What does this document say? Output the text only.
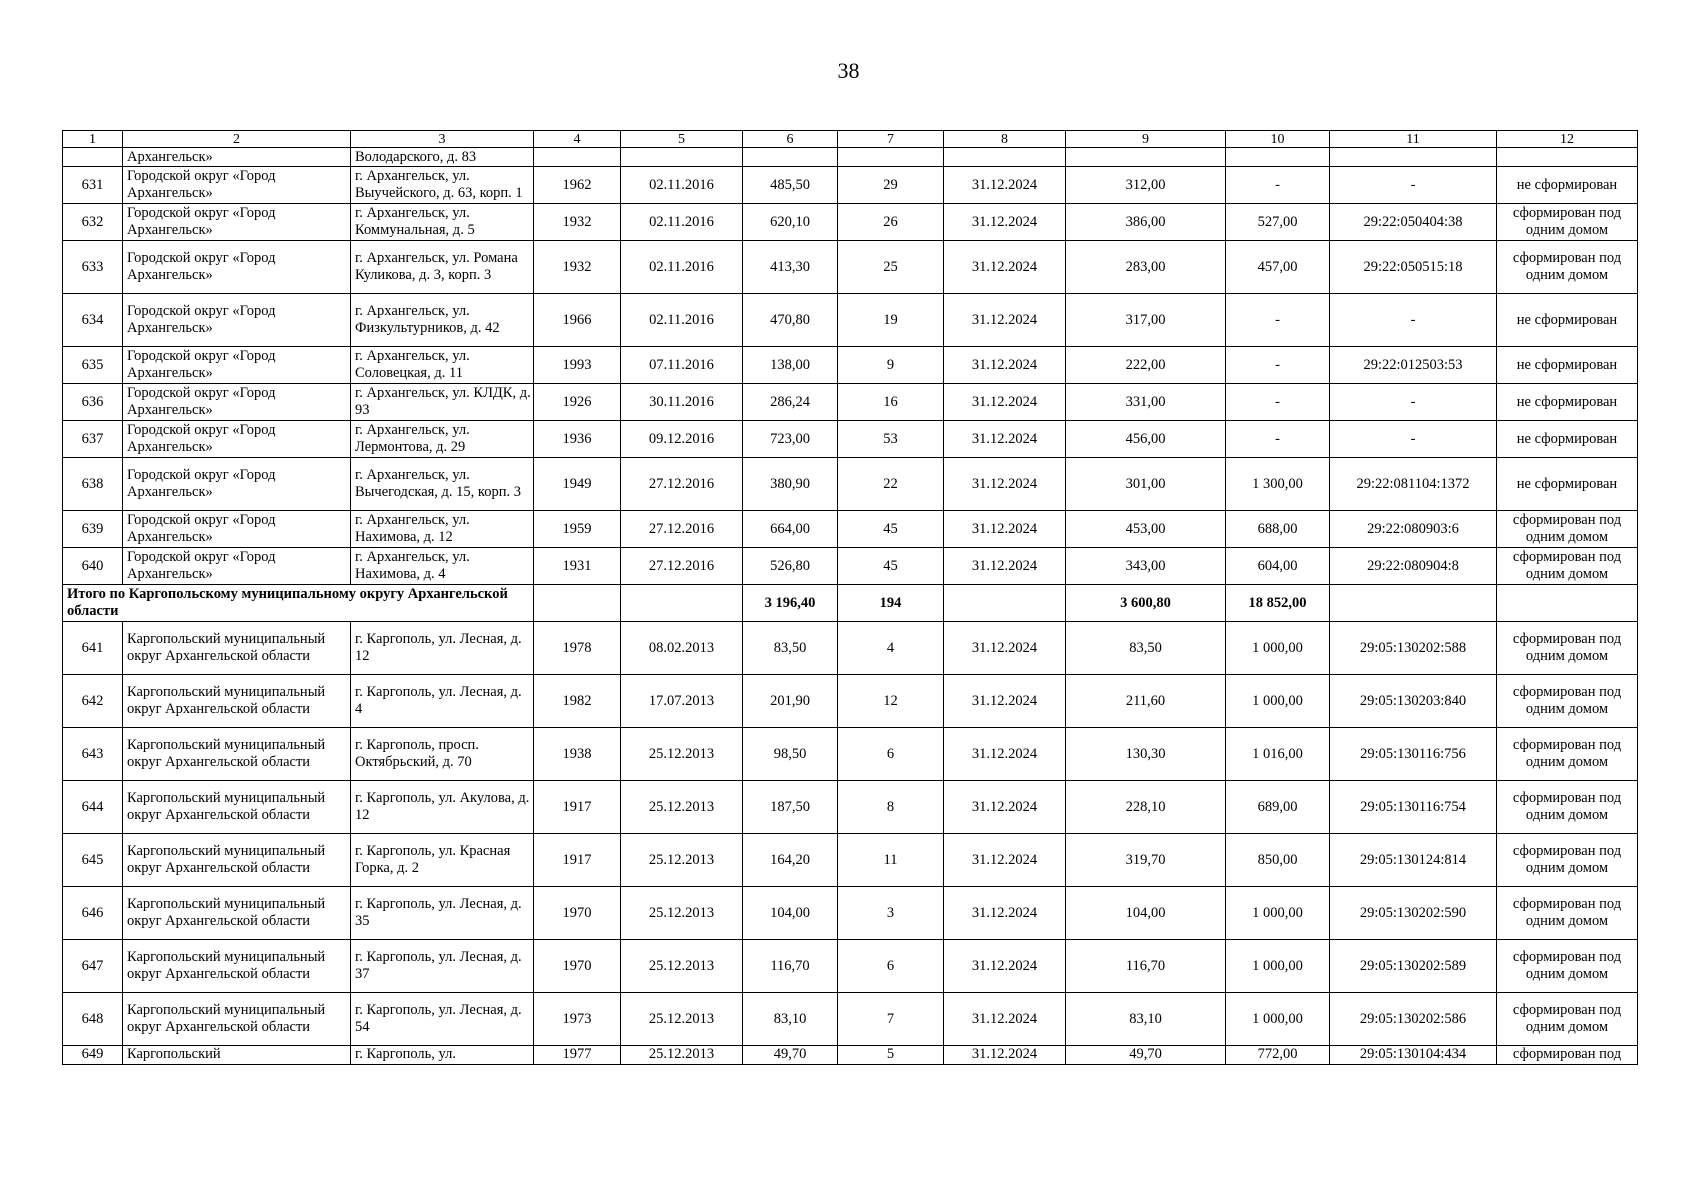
38
1	2	3	4	5	6	7	8	9	10	11	12
	Архангельск»	Володарского, д. 83									
631	Городской округ «Город Архангельск»	г. Архангельск, ул. Выучейского, д. 63, корп. 1	1962	02.11.2016	485,50	29	31.12.2024	312,00	-	-	не сформирован
632	Городской округ «Город Архангельск»	г. Архангельск, ул. Коммунальная, д. 5	1932	02.11.2016	620,10	26	31.12.2024	386,00	527,00	29:22:050404:38	сформирован под одним домом
633	Городской округ «Город Архангельск»	г. Архангельск, ул. Романа Куликова, д. 3, корп. 3	1932	02.11.2016	413,30	25	31.12.2024	283,00	457,00	29:22:050515:18	сформирован под одним домом
634	Городской округ «Город Архангельск»	г. Архангельск, ул. Физкультурников, д. 42	1966	02.11.2016	470,80	19	31.12.2024	317,00	-	-	не сформирован
635	Городской округ «Город Архангельск»	г. Архангельск, ул. Соловецкая, д. 11	1993	07.11.2016	138,00	9	31.12.2024	222,00	-	29:22:012503:53	не сформирован
636	Городской округ «Город Архангельск»	г. Архангельск, ул. КЛДК, д. 93	1926	30.11.2016	286,24	16	31.12.2024	331,00	-	-	не сформирован
637	Городской округ «Город Архангельск»	г. Архангельск, ул. Лермонтова, д. 29	1936	09.12.2016	723,00	53	31.12.2024	456,00	-	-	не сформирован
638	Городской округ «Город Архангельск»	г. Архангельск, ул. Вычегодская, д. 15, корп. 3	1949	27.12.2016	380,90	22	31.12.2024	301,00	1 300,00	29:22:081104:1372	не сформирован
639	Городской округ «Город Архангельск»	г. Архангельск, ул. Нахимова, д. 12	1959	27.12.2016	664,00	45	31.12.2024	453,00	688,00	29:22:080903:6	сформирован под одним домом
640	Городской округ «Город Архангельск»	г. Архангельск, ул. Нахимова, д. 4	1931	27.12.2016	526,80	45	31.12.2024	343,00	604,00	29:22:080904:8	сформирован под одним домом
Итого по Каргопольскому муниципальному округу Архангельской области					3 196,40	194		3 600,80	18 852,00		
641	Каргопольский муниципальный округ Архангельской области	г. Каргополь, ул. Лесная, д. 12	1978	08.02.2013	83,50	4	31.12.2024	83,50	1 000,00	29:05:130202:588	сформирован под одним домом
642	Каргопольский муниципальный округ Архангельской области	г. Каргополь, ул. Лесная, д. 4	1982	17.07.2013	201,90	12	31.12.2024	211,60	1 000,00	29:05:130203:840	сформирован под одним домом
643	Каргопольский муниципальный округ Архангельской области	г. Каргополь, просп. Октябрьский, д. 70	1938	25.12.2013	98,50	6	31.12.2024	130,30	1 016,00	29:05:130116:756	сформирован под одним домом
644	Каргопольский муниципальный округ Архангельской области	г. Каргополь, ул. Акулова, д. 12	1917	25.12.2013	187,50	8	31.12.2024	228,10	689,00	29:05:130116:754	сформирован под одним домом
645	Каргопольский муниципальный округ Архангельской области	г. Каргополь, ул. Красная Горка, д. 2	1917	25.12.2013	164,20	11	31.12.2024	319,70	850,00	29:05:130124:814	сформирован под одним домом
646	Каргопольский муниципальный округ Архангельской области	г. Каргополь, ул. Лесная, д. 35	1970	25.12.2013	104,00	3	31.12.2024	104,00	1 000,00	29:05:130202:590	сформирован под одним домом
647	Каргопольский муниципальный округ Архангельской области	г. Каргополь, ул. Лесная, д. 37	1970	25.12.2013	116,70	6	31.12.2024	116,70	1 000,00	29:05:130202:589	сформирован под одним домом
648	Каргопольский муниципальный округ Архангельской области	г. Каргополь, ул. Лесная, д. 54	1973	25.12.2013	83,10	7	31.12.2024	83,10	1 000,00	29:05:130202:586	сформирован под одним домом
649	Каргопольский	г. Каргополь, ул.	1977	25.12.2013	49,70	5	31.12.2024	49,70	772,00	29:05:130104:434	сформирован под
